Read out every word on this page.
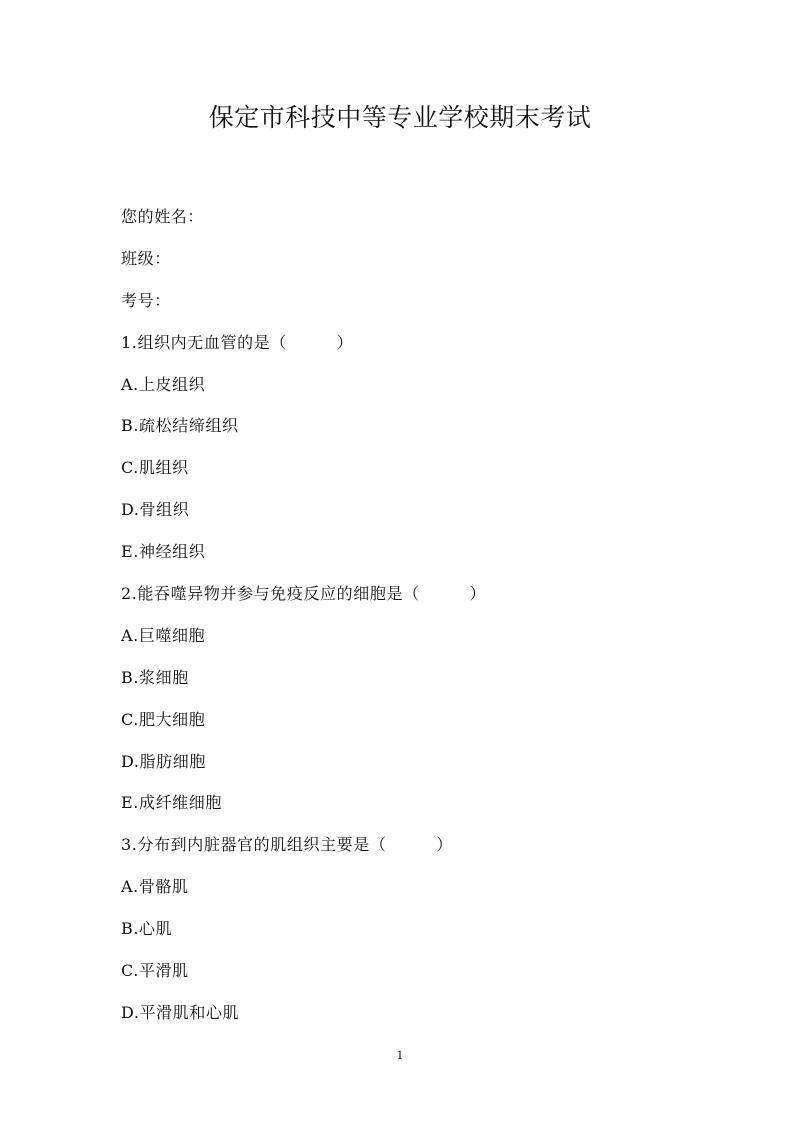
保定市科技中等专业学校期末考试
您的姓名：
班级：
考号：
1.组织内无血管的是（　　　）
A.上皮组织
B.疏松结缔组织
C.肌组织
D.骨组织
E.神经组织
2.能吞噬异物并参与免疫反应的细胞是（　　　）
A.巨噬细胞
B.浆细胞
C.肥大细胞
D.脂肪细胞
E.成纤维细胞
3.分布到内脏器官的肌组织主要是（　　　）
A.骨骼肌
B.心肌
C.平滑肌
D.平滑肌和心肌
1
